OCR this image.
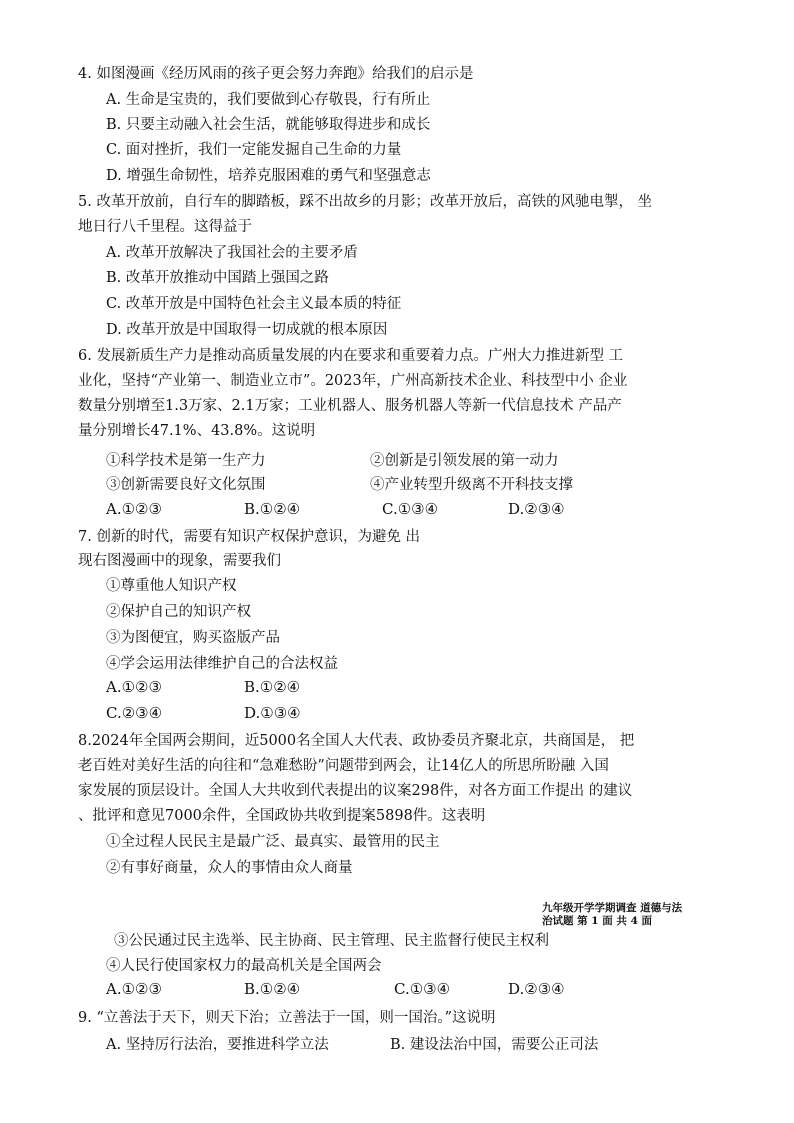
4. 如图漫画《经历风雨的孩子更会努力奔跑》给我们的启示是
A. 生命是宝贵的，我们要做到心存敬畏，行有所止
B. 只要主动融入社会生活，就能够取得进步和成长
C. 面对挫折，我们一定能发掘自己生命的力量
D. 增强生命韧性，培养克服困难的勇气和坚强意志
5. 改革开放前，自行车的脚踏板，踩不出故乡的月影；改革开放后，高铁的风驰电掣， 坐
地日行八千里程。这得益于
A. 改革开放解决了我国社会的主要矛盾
B. 改革开放推动中国踏上强国之路
C. 改革开放是中国特色社会主义最本质的特征
D. 改革开放是中国取得一切成就的根本原因
6. 发展新质生产力是推动高质量发展的内在要求和重要着力点。广州大力推进新型 工
业化，坚持“产业第一、制造业立市”。2023年，广州高新技术企业、科技型中小 企业
数量分别增至1.3万家、2.1万家；工业机器人、服务机器人等新一代信息技术 产品产
量分别增长47.1%、43.8%。这说明
①科学技术是第一生产力	②创新是引领发展的第一动力
③创新需要良好文化氛围	④产业转型升级离不开科技支撑
A.①②③	B.①②④	C.①③④	D.②③④
7. 创新的时代，需要有知识产权保护意识，为避免 出
现右图漫画中的现象，需要我们
①尊重他人知识产权
②保护自己的知识产权
③为图便宜，购买盗版产品
④学会运用法律维护自己的合法权益
A.①②③	B.①②④
C.②③④	D.①③④
8.2024年全国两会期间，近5000名全国人大代表、政协委员齐聚北京，共商国是， 把
老百姓对美好生活的向往和“急难愁盼”问题带到两会，让14亿人的所思所盼融 入国
家发展的顶层设计。全国人大共收到代表提出的议案298件，对各方面工作提出 的建议
、批评和意见7000余件，全国政协共收到提案5898件。这表明
①全过程人民民主是最广泛、最真实、最管用的民主
②有事好商量，众人的事情由众人商量
九年级开学学期调查 道德与法
治试题 第 1 面 共 4 面
③公民通过民主选举、民主协商、民主管理、民主监督行使民主权利
④人民行使国家权力的最高机关是全国两会
A.①②③	B.①②④	C.①③④	D.②③④
9. “立善法于天下，则天下治；立善法于一国，则一国治。”这说明
A. 坚持厉行法治，要推进科学立法	B. 建设法治中国，需要公正司法
